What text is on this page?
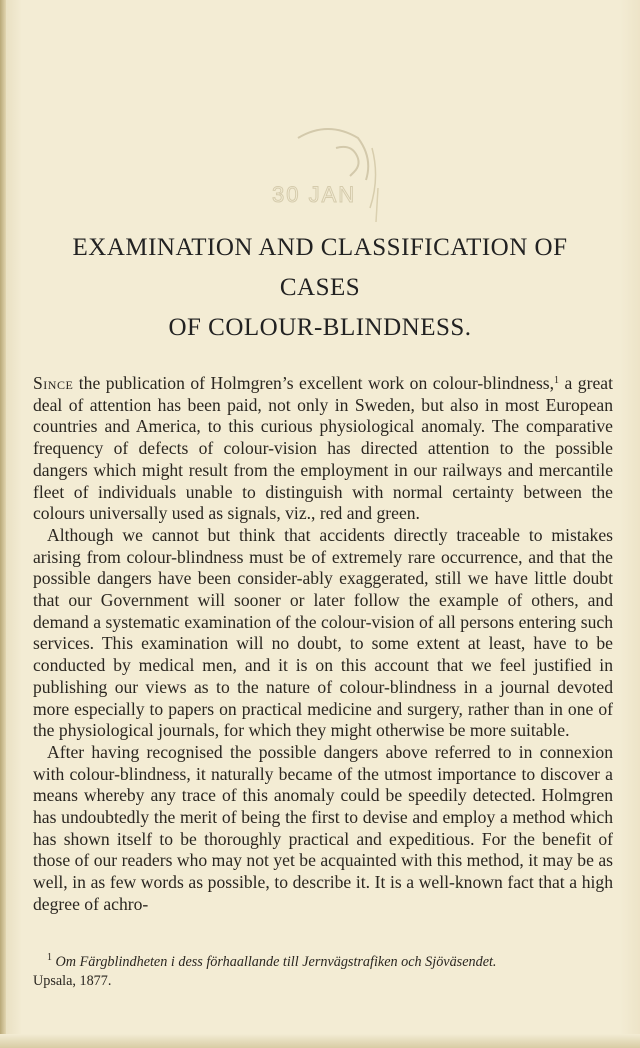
30 JAN
EXAMINATION AND CLASSIFICATION OF CASES
OF COLOUR-BLINDNESS.

Since the publication of Holmgren’s excellent work on colour-blindness,$^1$ a great deal of attention has been paid, not only in Sweden, but also in most European countries and America, to this curious physiological anomaly. The comparative frequency of defects of colour-vision has directed attention to the possible dangers which might result from the employment in our railways and mercantile fleet of individuals unable to distinguish with normal certainty between the colours universally used as signals, viz., red and green.

Although we cannot but think that accidents directly traceable to mistakes arising from colour-blindness must be of extremely rare occurrence, and that the possible dangers have been consider-ably exaggerated, still we have little doubt that our Government will sooner or later follow the example of others, and demand a systematic examination of the colour-vision of all persons entering such services. This examination will no doubt, to some extent at least, have to be conducted by medical men, and it is on this account that we feel justified in publishing our views as to the nature of colour-blindness in a journal devoted more especially to papers on practical medicine and surgery, rather than in one of the physiological journals, for which they might otherwise be more suitable.

After having recognised the possible dangers above referred to in connexion with colour-blindness, it naturally became of the utmost importance to discover a means whereby any trace of this anomaly could be speedily detected. Holmgren has undoubtedly the merit of being the first to devise and employ a method which has shown itself to be thoroughly practical and expeditious. For the benefit of those of our readers who may not yet be acquainted with this method, it may be as well, in as few words as possible, to describe it. It is a well-known fact that a high degree of achro-

$^1$ Om Färgblindheten i dess förhaallande till Jernvägstrafiken och Sjöväsendet.
Upsala, 1877.
